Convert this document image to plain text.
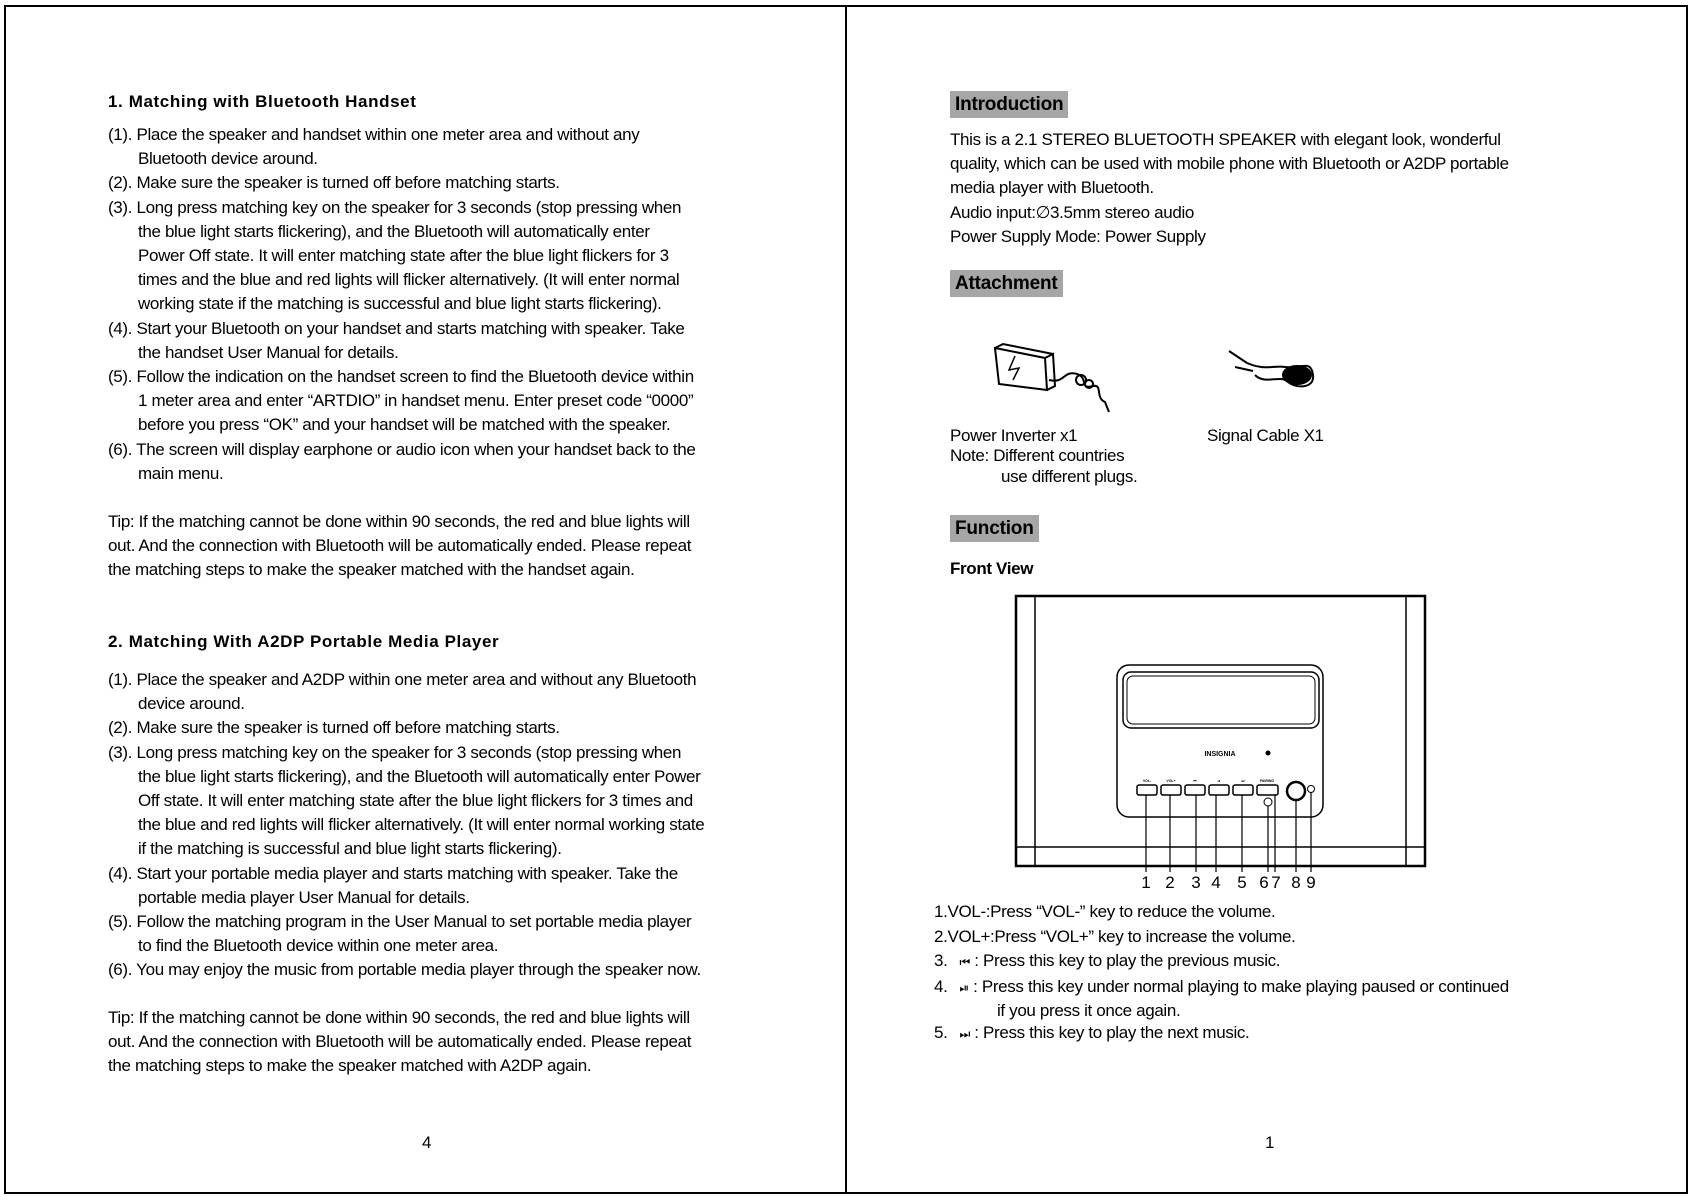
1. Matching with Bluetooth Handset
(1). Place the speaker and handset within one meter area and without any
Bluetooth device around.
(2). Make sure the speaker is turned off before matching starts.
(3). Long press matching key on the speaker for 3 seconds (stop pressing when
the blue light starts flickering), and the Bluetooth will automatically enter
Power Off state. It will enter matching state after the blue light flickers for 3
times and the blue and red lights will flicker alternatively. (It will enter normal
working state if the matching is successful and blue light starts flickering).
(4). Start your Bluetooth on your handset and starts matching with speaker. Take
the handset User Manual for details.
(5). Follow the indication on the handset screen to find the Bluetooth device within
1 meter area and enter “ARTDIO” in handset menu. Enter preset code “0000”
before you press “OK” and your handset will be matched with the speaker.
(6). The screen will display earphone or audio icon when your handset back to the
main menu.
Tip: If the matching cannot be done within 90 seconds, the red and blue lights will
out. And the connection with Bluetooth will be automatically ended. Please repeat
the matching steps to make the speaker matched with the handset again.
2. Matching With A2DP Portable Media Player
(1). Place the speaker and A2DP within one meter area and without any Bluetooth
device around.
(2). Make sure the speaker is turned off before matching starts.
(3). Long press matching key on the speaker for 3 seconds (stop pressing when
the blue light starts flickering), and the Bluetooth will automatically enter Power
Off state. It will enter matching state after the blue light flickers for 3 times and
the blue and red lights will flicker alternatively. (It will enter normal working state
if the matching is successful and blue light starts flickering).
(4). Start your portable media player and starts matching with speaker. Take the
portable media player User Manual for details.
(5). Follow the matching program in the User Manual to set portable media player
to find the Bluetooth device within one meter area.
(6). You may enjoy the music from portable media player through the speaker now.
Tip: If the matching cannot be done within 90 seconds, the red and blue lights will
out. And the connection with Bluetooth will be automatically ended. Please repeat
the matching steps to make the speaker matched with A2DP again.
4
Introduction
This is a 2.1 STEREO BLUETOOTH SPEAKER with elegant look, wonderful
quality, which can be used with mobile phone with Bluetooth or A2DP portable
media player with Bluetooth.
Audio input:∅3.5mm stereo audio
Power Supply Mode: Power Supply
Attachment
Power Inverter x1
Note: Different countries
use different plugs.
Signal Cable X1
Function
Front View
INSIGNIA
VOL-	VOL+	⏮	⏯	⏭	PAIRING
1 2 3 4 5 6 7 8 9
1.VOL-:Press “VOL-” key to reduce the volume.
2.VOL+:Press “VOL+” key to increase the volume.
3. ⏮ : Press this key to play the previous music.
4. ⏯ : Press this key under normal playing to make playing paused or continued
if you press it once again.
5. ⏭ : Press this key to play the next music.
1
